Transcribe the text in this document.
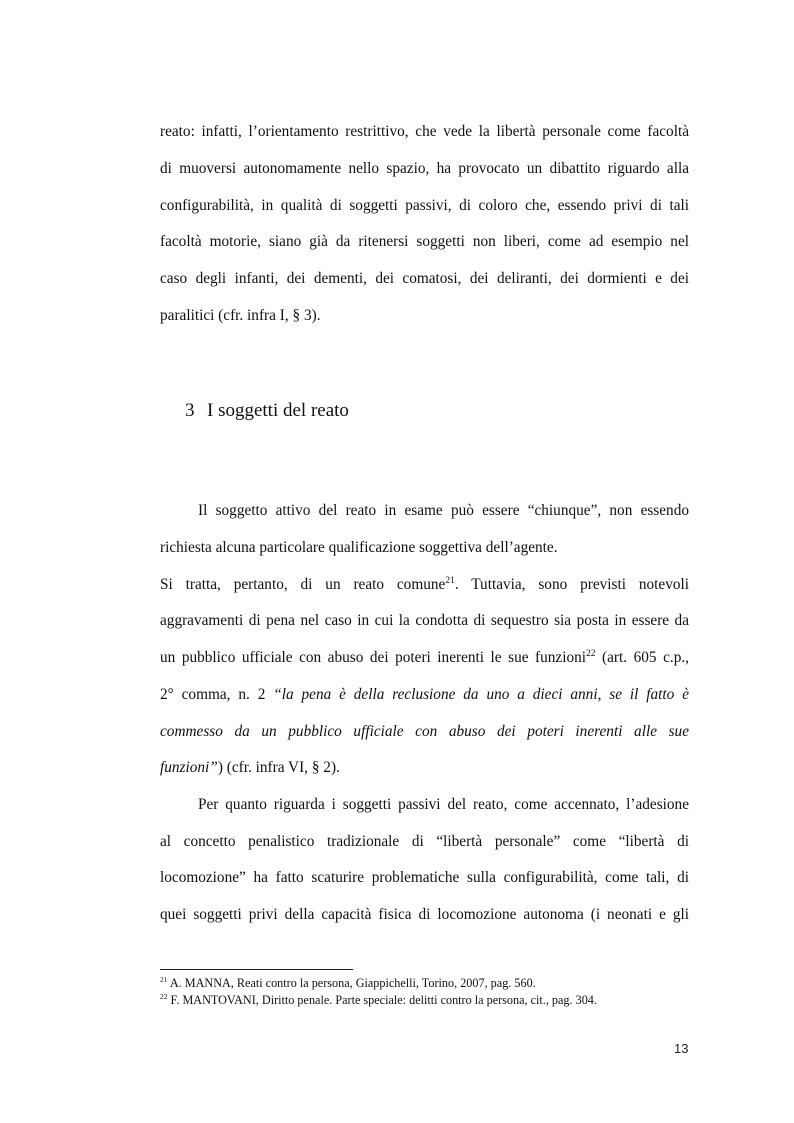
reato: infatti, l’orientamento restrittivo, che vede la libertà personale come facoltà
di muoversi autonomamente nello spazio, ha provocato un dibattito riguardo alla
configurabilità, in qualità di soggetti passivi, di coloro che, essendo privi di tali
facoltà motorie, siano già da ritenersi soggetti non liberi, come ad esempio nel
caso degli infanti, dei dementi, dei comatosi, dei deliranti, dei dormienti e dei
paralitici (cfr. infra I, § 3).
3 I soggetti del reato
Il soggetto attivo del reato in esame può essere “chiunque”, non essendo
richiesta alcuna particolare qualificazione soggettiva dell’agente.
Si tratta, pertanto, di un reato comune$^{21}$. Tuttavia, sono previsti notevoli
aggravamenti di pena nel caso in cui la condotta di sequestro sia posta in essere da
un pubblico ufficiale con abuso dei poteri inerenti le sue funzioni$^{22}$ (art. 605 c.p.,
2° comma, n. 2 “la pena è della reclusione da uno a dieci anni, se il fatto è
commesso da un pubblico ufficiale con abuso dei poteri inerenti alle sue
funzioni”) (cfr. infra VI, § 2).
Per quanto riguarda i soggetti passivi del reato, come accennato, l’adesione
al concetto penalistico tradizionale di “libertà personale” come “libertà di
locomozione” ha fatto scaturire problematiche sulla configurabilità, come tali, di
quei soggetti privi della capacità fisica di locomozione autonoma (i neonati e gli
$^{21}$ A. MANNA, Reati contro la persona, Giappichelli, Torino, 2007, pag. 560.
$^{22}$ F. MANTOVANI, Diritto penale. Parte speciale: delitti contro la persona, cit., pag. 304.
13
